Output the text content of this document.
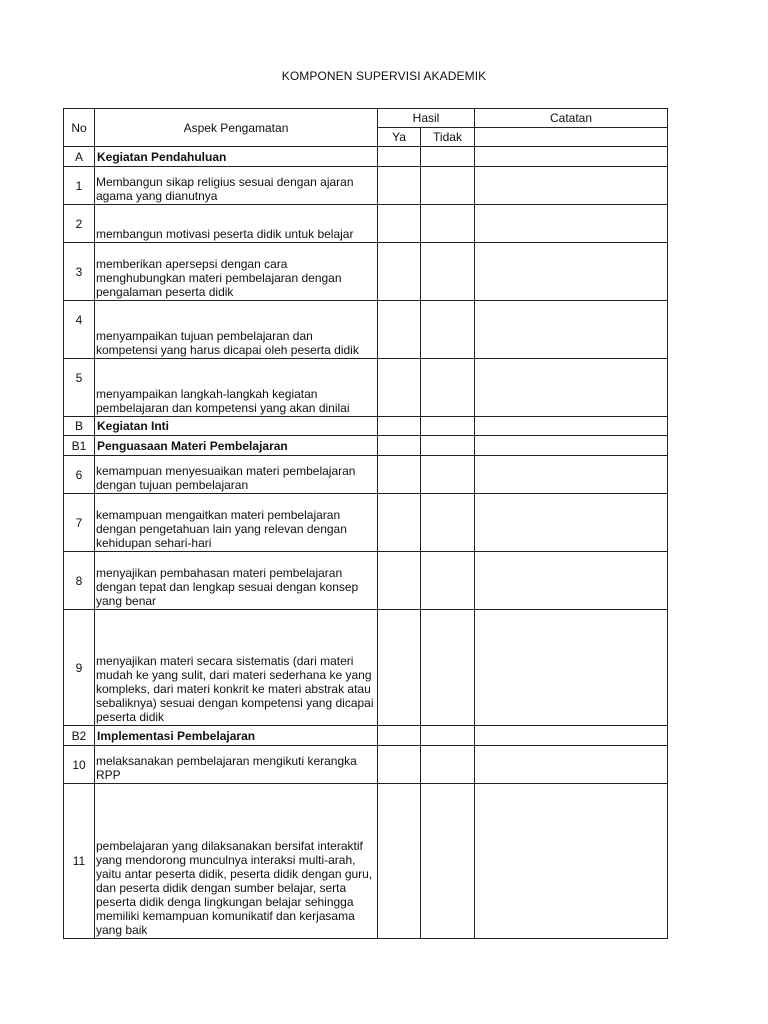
KOMPONEN SUPERVISI AKADEMIK
No	Aspek Pengamatan	Hasil		Catatan
		Ya	Tidak	
A	Kegiatan Pendahuluan			
1	Membangun sikap religius sesuai dengan ajaran agama yang dianutnya			
2	membangun motivasi peserta didik untuk belajar			
3	memberikan apersepsi dengan cara menghubungkan materi pembelajaran dengan pengalaman peserta didik			
4	menyampaikan tujuan pembelajaran dan kompetensi yang harus dicapai oleh peserta didik			
5	menyampaikan langkah-langkah kegiatan pembelajaran dan kompetensi yang akan dinilai			
B	Kegiatan Inti			
B1	Penguasaan Materi Pembelajaran			
6	kemampuan menyesuaikan materi pembelajaran dengan tujuan pembelajaran			
7	kemampuan mengaitkan materi pembelajaran dengan pengetahuan lain yang relevan dengan kehidupan sehari-hari			
8	menyajikan pembahasan materi pembelajaran dengan tepat dan lengkap sesuai dengan konsep yang benar			
9	menyajikan materi secara sistematis (dari materi mudah ke yang sulit, dari materi sederhana ke yang kompleks, dari materi konkrit ke materi abstrak atau sebaliknya) sesuai dengan kompetensi yang dicapai peserta didik			
B2	Implementasi Pembelajaran			
10	melaksanakan pembelajaran mengikuti kerangka RPP			
11	pembelajaran yang dilaksanakan bersifat interaktif yang mendorong munculnya interaksi multi-arah, yaitu antar peserta didik, peserta didik dengan guru, dan peserta didik dengan sumber belajar, serta peserta didik denga lingkungan belajar sehingga memiliki kemampuan komunikatif dan kerjasama yang baik			
